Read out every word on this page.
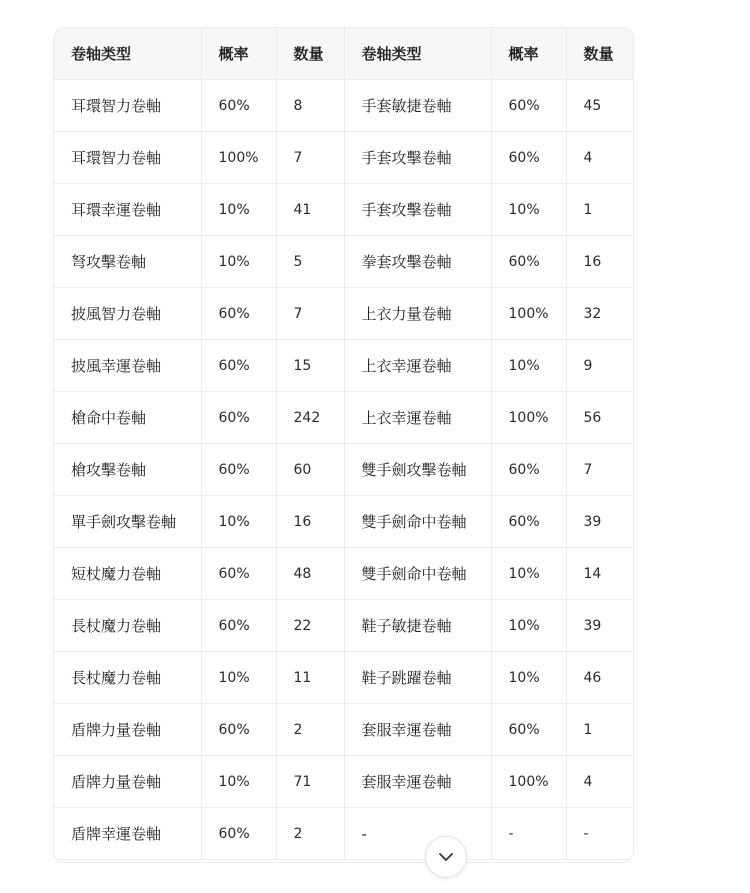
卷轴类型	概率	数量	卷轴类型	概率	数量
耳環智力卷軸	60%	8	手套敏捷卷軸	60%	45
耳環智力卷軸	100%	7	手套攻擊卷軸	60%	4
耳環幸運卷軸	10%	41	手套攻擊卷軸	10%	1
弩攻擊卷軸	10%	5	拳套攻擊卷軸	60%	16
披風智力卷軸	60%	7	上衣力量卷軸	100%	32
披風幸運卷軸	60%	15	上衣幸運卷軸	10%	9
槍命中卷軸	60%	242	上衣幸運卷軸	100%	56
槍攻擊卷軸	60%	60	雙手劍攻擊卷軸	60%	7
單手劍攻擊卷軸	10%	16	雙手劍命中卷軸	60%	39
短杖魔力卷軸	60%	48	雙手劍命中卷軸	10%	14
長杖魔力卷軸	60%	22	鞋子敏捷卷軸	10%	39
長杖魔力卷軸	10%	11	鞋子跳躍卷軸	10%	46
盾牌力量卷軸	60%	2	套服幸運卷軸	60%	1
盾牌力量卷軸	10%	71	套服幸運卷軸	100%	4
盾牌幸運卷軸	60%	2	-	-	-
